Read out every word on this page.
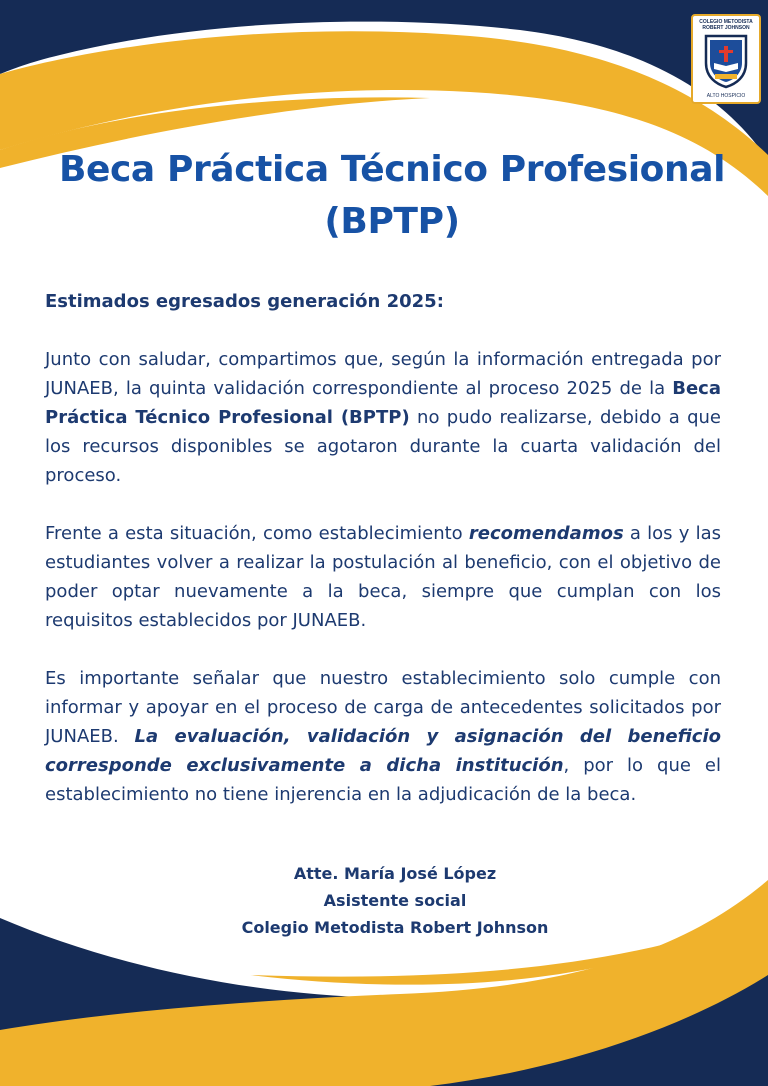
COLEGIO METODISTA
ROBERT JOHNSON
ALTO HOSPICIO
Beca Práctica Técnico Profesional
(BPTP)

Estimados egresados generación 2025:

Junto con saludar, compartimos que, según la información entregada por JUNAEB, la quinta validación correspondiente al proceso 2025 de la Beca Práctica Técnico Profesional (BPTP) no pudo realizarse, debido a que los recursos disponibles se agotaron durante la cuarta validación del proceso.

Frente a esta situación, como establecimiento recomendamos a los y las estudiantes volver a realizar la postulación al beneficio, con el objetivo de poder optar nuevamente a la beca, siempre que cumplan con los requisitos establecidos por JUNAEB.

Es importante señalar que nuestro establecimiento solo cumple con informar y apoyar en el proceso de carga de antecedentes solicitados por JUNAEB. La evaluación, validación y asignación del beneficio corresponde exclusivamente a dicha institución, por lo que el establecimiento no tiene injerencia en la adjudicación de la beca.

Atte. María José López
Asistente social
Colegio Metodista Robert Johnson
